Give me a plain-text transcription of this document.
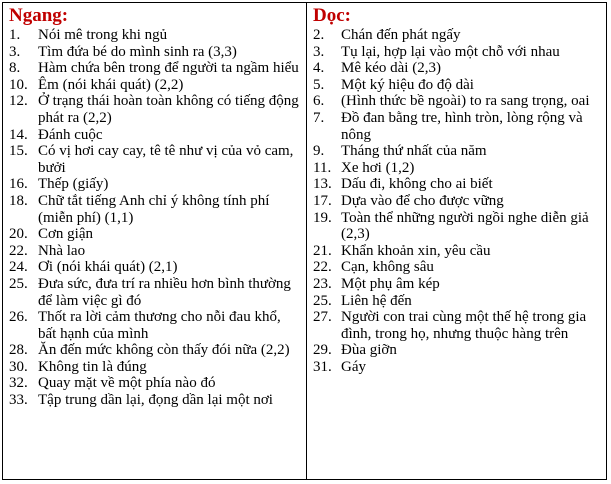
Ngang:
1.	Nói mê trong khi ngủ
3.	Tìm đứa bé do mình sinh ra (3,3)
8.	Hàm chứa bên trong để người ta ngầm hiểu
10. Êm (nói khái quát) (2,2)
12. Ở trạng thái hoàn toàn không có tiếng động phát ra (2,2)
14. Đánh cuộc
15. Có vị hơi cay cay, tê tê như vị của vỏ cam, bưởi
16. Thếp (giấy)
18. Chữ tắt tiếng Anh chỉ ý không tính phí (miễn phí) (1,1)
20. Cơn giận
22. Nhà lao
24. Ơi (nói khái quát) (2,1)
25. Đưa sức, đưa trí ra nhiều hơn bình thường để làm việc gì đó
26. Thốt ra lời cảm thương cho nỗi đau khổ, bất hạnh của mình
28. Ăn đến mức không còn thấy đói nữa (2,2)
30. Không tin là đúng
32. Quay mặt về một phía nào đó
33. Tập trung dần lại, đọng dần lại một nơi
Dọc:
2.	Chán đến phát ngấy
3.	Tụ lại, hợp lại vào một chỗ với nhau
4.	Mê kéo dài (2,3)
5.	Một ký hiệu đo độ dài
6.	(Hình thức bề ngoài) to ra sang trọng, oai
7.	Đồ đan bằng tre, hình tròn, lòng rộng và nông
9.	Tháng thứ nhất của năm
11. Xe hơi (1,2)
13. Dấu đi, không cho ai biết
17. Dựa vào để cho được vững
19. Toàn thể những người ngồi nghe diễn giả (2,3)
21. Khẩn khoản xin, yêu cầu
22. Cạn, không sâu
23. Một phụ âm kép
25. Liên hệ đến
27. Người con trai cùng một thế hệ trong gia đình, trong họ, nhưng thuộc hàng trên
29. Đùa giỡn
31. Gáy
